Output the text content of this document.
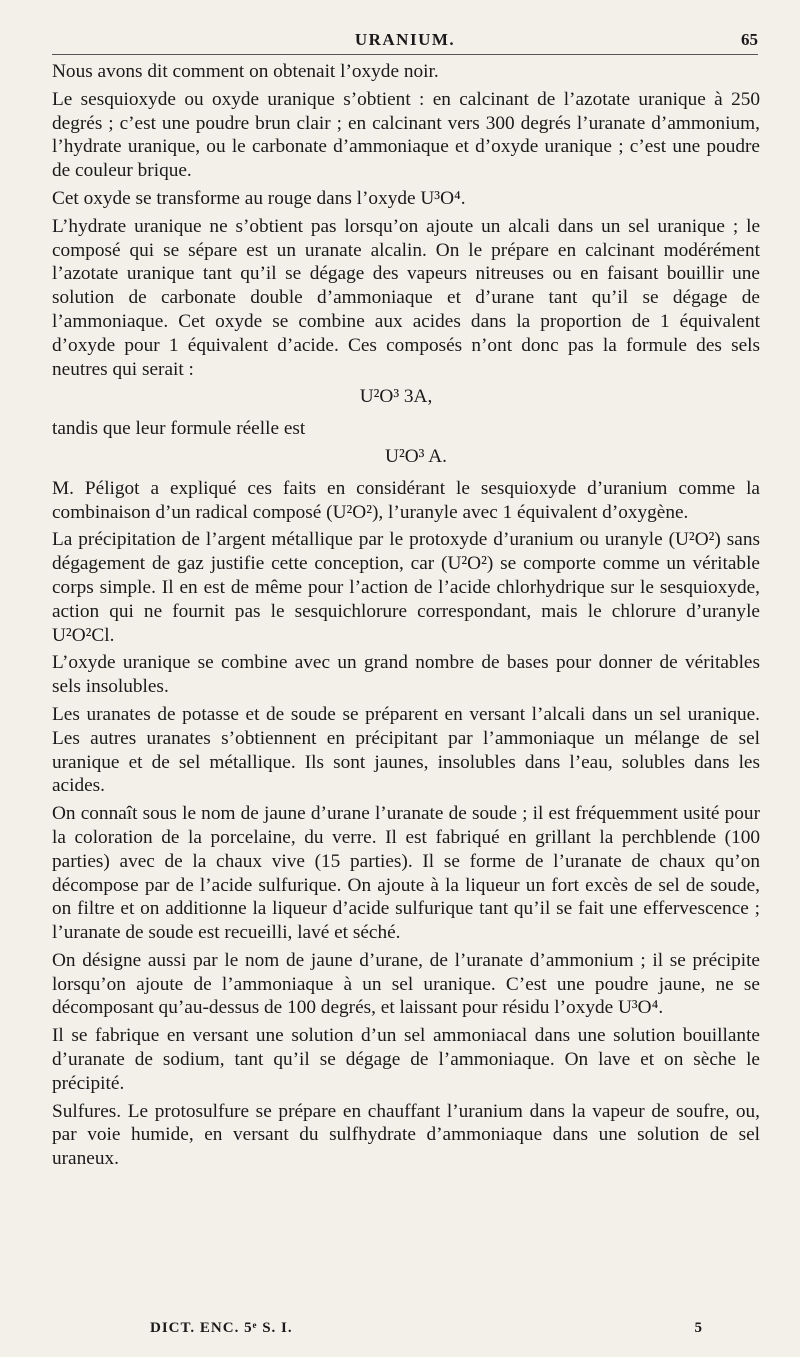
URANIUM.	65

Nous avons dit comment on obtenait l’oxyde noir.

Le sesquioxyde ou oxyde uranique s’obtient : en calcinant de l’azotate uranique à 250 degrés ; c’est une poudre brun clair ; en calcinant vers 300 degrés l’uranate d’ammonium, l’hydrate uranique, ou le carbonate d’ammoniaque et d’oxyde uranique ; c’est une poudre de couleur brique.

Cet oxyde se transforme au rouge dans l’oxyde U³O⁴.

L’hydrate uranique ne s’obtient pas lorsqu’on ajoute un alcali dans un sel uranique ; le composé qui se sépare est un uranate alcalin. On le prépare en calcinant modérément l’azotate uranique tant qu’il se dégage des vapeurs nitreuses ou en faisant bouillir une solution de carbonate double d’ammoniaque et d’urane tant qu’il se dégage de l’ammoniaque. Cet oxyde se combine aux acides dans la proportion de 1 équivalent d’oxyde pour 1 équivalent d’acide. Ces composés n’ont donc pas la formule des sels neutres qui serait :

U²O³ 3A,

tandis que leur formule réelle est

U²O³ A.

M. Péligot a expliqué ces faits en considérant le sesquioxyde d’uranium comme la combinaison d’un radical composé (U²O²), l’uranyle avec 1 équivalent d’oxygène.

La précipitation de l’argent métallique par le protoxyde d’uranium ou uranyle (U²O²) sans dégagement de gaz justifie cette conception, car (U²O²) se comporte comme un véritable corps simple. Il en est de même pour l’action de l’acide chlorhydrique sur le sesquioxyde, action qui ne fournit pas le sesquichlorure correspondant, mais le chlorure d’uranyle U²O²Cl.

L’oxyde uranique se combine avec un grand nombre de bases pour donner de véritables sels insolubles.

Les uranates de potasse et de soude se préparent en versant l’alcali dans un sel uranique. Les autres uranates s’obtiennent en précipitant par l’ammoniaque un mélange de sel uranique et de sel métallique. Ils sont jaunes, insolubles dans l’eau, solubles dans les acides.

On connaît sous le nom de jaune d’urane l’uranate de soude ; il est fréquemment usité pour la coloration de la porcelaine, du verre. Il est fabriqué en grillant la perchblende (100 parties) avec de la chaux vive (15 parties). Il se forme de l’uranate de chaux qu’on décompose par de l’acide sulfurique. On ajoute à la liqueur un fort excès de sel de soude, on filtre et on additionne la liqueur d’acide sulfurique tant qu’il se fait une effervescence ; l’uranate de soude est recueilli, lavé et séché.

On désigne aussi par le nom de jaune d’urane, de l’uranate d’ammonium ; il se précipite lorsqu’on ajoute de l’ammoniaque à un sel uranique. C’est une poudre jaune, ne se décomposant qu’au-dessus de 100 degrés, et laissant pour résidu l’oxyde U³O⁴.

Il se fabrique en versant une solution d’un sel ammoniacal dans une solution bouillante d’uranate de sodium, tant qu’il se dégage de l’ammoniaque. On lave et on sèche le précipité.

Sulfures. Le protosulfure se prépare en chauffant l’uranium dans la vapeur de soufre, ou, par voie humide, en versant du sulfhydrate d’ammoniaque dans une solution de sel uraneux.

DICT. ENC. 5ᵉ S. I.	5
